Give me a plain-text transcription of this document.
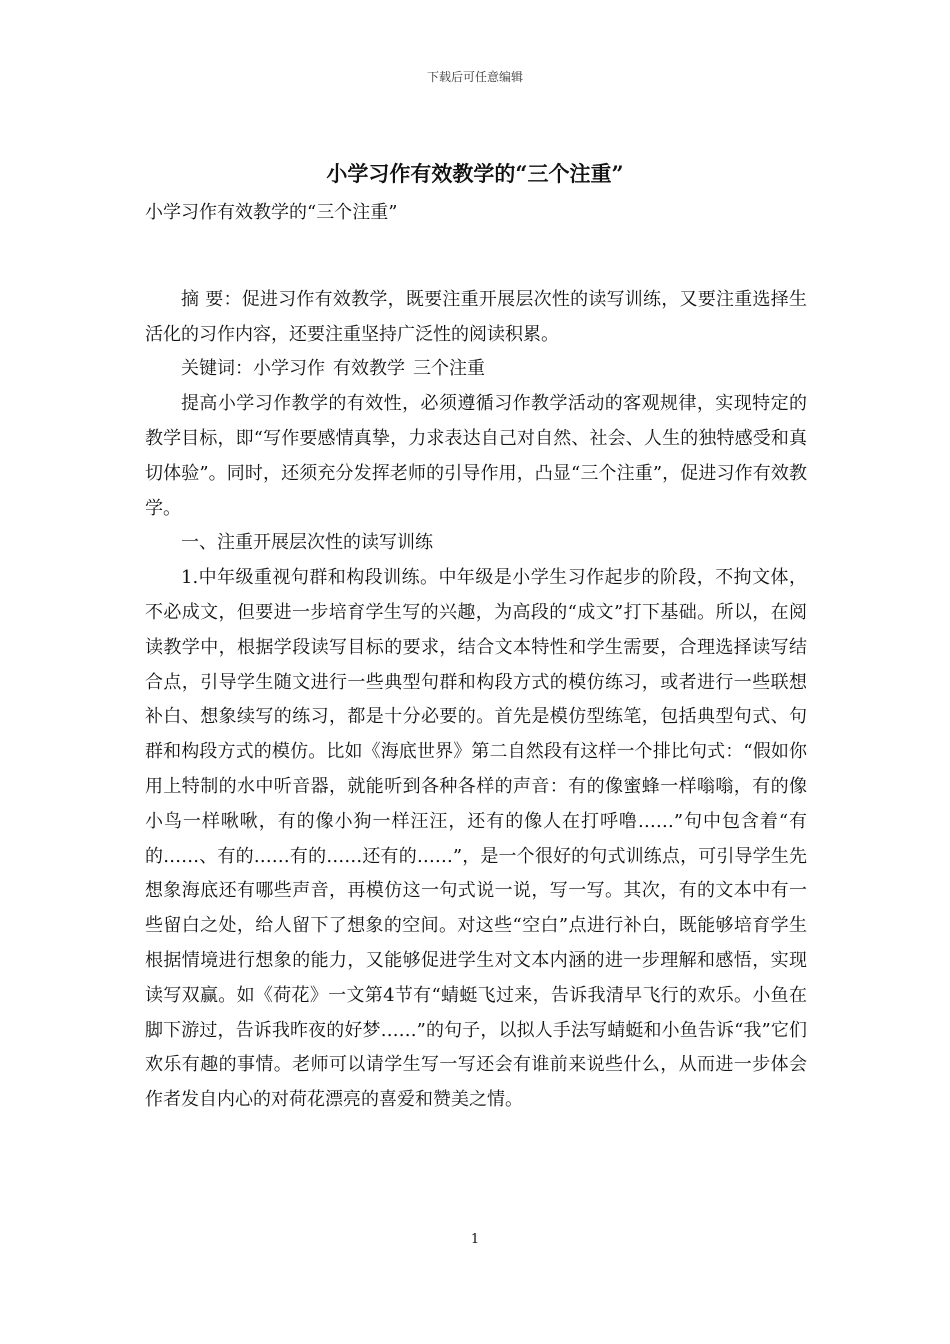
下载后可任意编辑
小学习作有效教学的“三个注重”

小学习作有效教学的“三个注重”

摘 要：促进习作有效教学，既要注重开展层次性的读写训练，又要注重选择生活化的习作内容，还要注重坚持广泛性的阅读积累。

关键词：小学习作 有效教学 三个注重

提高小学习作教学的有效性，必须遵循习作教学活动的客观规律，实现特定的教学目标，即“写作要感情真挚，力求表达自己对自然、社会、人生的独特感受和真切体验”。同时，还须充分发挥老师的引导作用，凸显“三个注重”，促进习作有效教学。

一、注重开展层次性的读写训练

1.中年级重视句群和构段训练。中年级是小学生习作起步的阶段，不拘文体，不必成文，但要进一步培育学生写的兴趣，为高段的“成文”打下基础。所以，在阅读教学中，根据学段读写目标的要求，结合文本特性和学生需要，合理选择读写结合点，引导学生随文进行一些典型句群和构段方式的模仿练习，或者进行一些联想补白、想象续写的练习，都是十分必要的。首先是模仿型练笔，包括典型句式、句群和构段方式的模仿。比如《海底世界》第二自然段有这样一个排比句式：“假如你用上特制的水中听音器，就能听到各种各样的声音：有的像蜜蜂一样嗡嗡，有的像小鸟一样啾啾，有的像小狗一样汪汪，还有的像人在打呼噜……”句中包含着“有的……、有的……有的……还有的……”，是一个很好的句式训练点，可引导学生先想象海底还有哪些声音，再模仿这一句式说一说，写一写。其次，有的文本中有一些留白之处，给人留下了想象的空间。对这些“空白”点进行补白，既能够培育学生根据情境进行想象的能力，又能够促进学生对文本内涵的进一步理解和感悟，实现读写双赢。如《荷花》一文第4节有“蜻蜓飞过来，告诉我清早飞行的欢乐。小鱼在脚下游过，告诉我昨夜的好梦……”的句子，以拟人手法写蜻蜓和小鱼告诉“我”它们欢乐有趣的事情。老师可以请学生写一写还会有谁前来说些什么，从而进一步体会作者发自内心的对荷花漂亮的喜爱和赞美之情。

1
